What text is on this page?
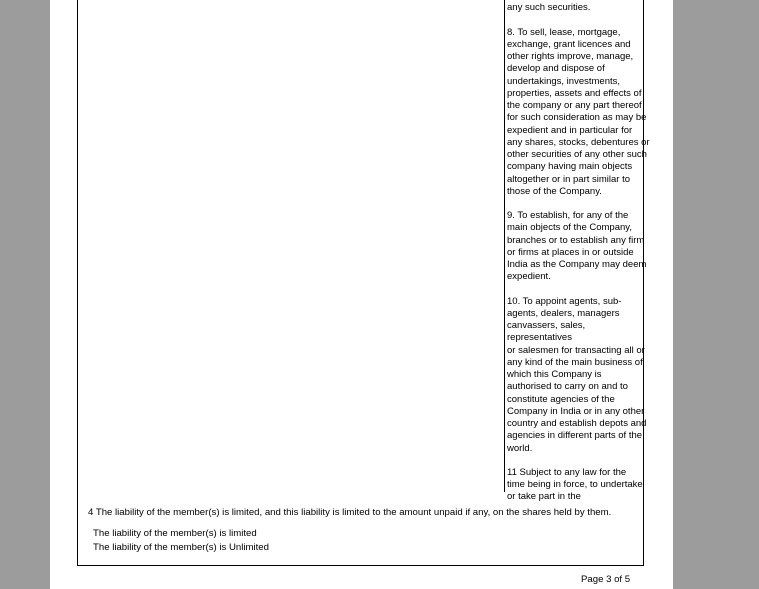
any such securities.

8. To sell, lease, mortgage,
exchange, grant licences and
other rights improve, manage,
develop and dispose of
undertakings, investments,
properties, assets and effects of
the company or any part thereof
for such consideration as may be
expedient and in particular for
any shares, stocks, debentures or
other securities of any other such
company having main objects
altogether or in part similar to
those of the Company.

9. To establish, for any of the
main objects of the Company,
branches or to establish any firm
or firms at places in or outside
India as the Company may deem
expedient.

10. To appoint agents, sub-
agents, dealers, managers
canvassers, sales, representatives
or salesmen for transacting all or
any kind of the main business of
which this Company is
authorised to carry on and to
constitute agencies of the
Company in India or in any other
country and establish depots and
agencies in different parts of the
world.

11 Subject to any law for the
time being in force, to undertake
or take part in the

4 The liability of the member(s) is limited, and this liability is limited to the amount unpaid if any, on the shares held by them.
The liability of the member(s) is limited
The liability of the member(s) is Unlimited
Page 3 of 5
